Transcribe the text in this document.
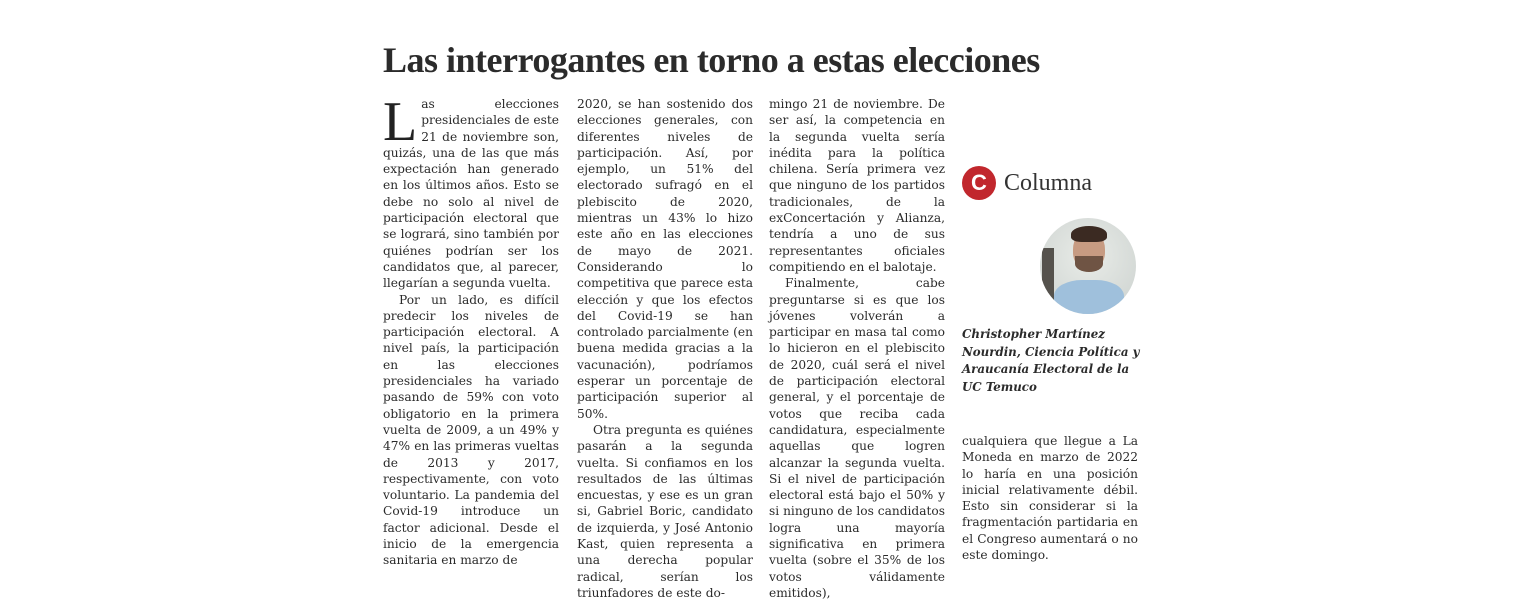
Las interrogantes en torno a estas elecciones

Las elecciones presidenciales de este 21 de noviembre son, quizás, una de las que más expectación han generado en los últimos años. Esto se debe no solo al nivel de participación electoral que se logrará, sino también por quiénes podrían ser los candidatos que, al parecer, llegarían a segunda vuelta.

Por un lado, es difícil predecir los niveles de participación electoral. A nivel país, la participación en las elecciones presidenciales ha variado pasando de 59% con voto obligatorio en la primera vuelta de 2009, a un 49% y 47% en las primeras vueltas de 2013 y 2017, respectivamente, con voto voluntario. La pandemia del Covid-19 introduce un factor adicional. Desde el inicio de la emergencia sanitaria en marzo de

2020, se han sostenido dos elecciones generales, con diferentes niveles de participación. Así, por ejemplo, un 51% del electorado sufragó en el plebiscito de 2020, mientras un 43% lo hizo este año en las elecciones de mayo de 2021. Considerando lo competitiva que parece esta elección y que los efectos del Covid-19 se han controlado parcialmente (en buena medida gracias a la vacunación), podríamos esperar un porcentaje de participación superior al 50%.

Otra pregunta es quiénes pasarán a la segunda vuelta. Si confiamos en los resultados de las últimas encuestas, y ese es un gran si, Gabriel Boric, candidato de izquierda, y José Antonio Kast, quien representa a una derecha popular radical, serían los triunfadores de este do-

mingo 21 de noviembre. De ser así, la competencia en la segunda vuelta sería inédita para la política chilena. Sería primera vez que ninguno de los partidos tradicionales, de la exConcertación y Alianza, tendría a uno de sus representantes oficiales compitiendo en el balotaje.

Finalmente, cabe preguntarse si es que los jóvenes volverán a participar en masa tal como lo hicieron en el plebiscito de 2020, cuál será el nivel de participación electoral general, y el porcentaje de votos que reciba cada candidatura, especialmente aquellas que logren alcanzar la segunda vuelta. Si el nivel de participación electoral está bajo el 50% y si ninguno de los candidatos logra una mayoría significativa en primera vuelta (sobre el 35% de los votos válidamente emitidos),

C Columna
Christopher Martínez Nourdin, Ciencia Política y Araucanía Electoral de la UC Temuco

cualquiera que llegue a La Moneda en marzo de 2022 lo haría en una posición inicial relativamente débil. Esto sin considerar si la fragmentación partidaria en el Congreso aumentará o no este domingo.
